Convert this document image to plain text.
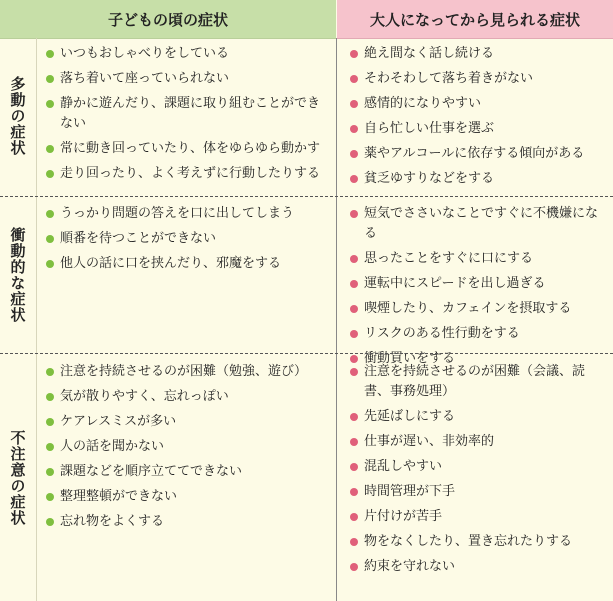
子どもの頃の症状	大人になってから見られる症状
多動の症状
いつもおしゃべりをしている
落ち着いて座っていられない
静かに遊んだり、課題に取り組むことができない
常に動き回っていたり、体をゆらゆら動かす
走り回ったり、よく考えずに行動したりする
絶え間なく話し続ける
そわそわして落ち着きがない
感情的になりやすい
自ら忙しい仕事を選ぶ
薬やアルコールに依存する傾向がある
貧乏ゆすりなどをする
衝動的な症状
うっかり問題の答えを口に出してしまう
順番を待つことができない
他人の話に口を挟んだり、邪魔をする
短気でささいなことですぐに不機嫌になる
思ったことをすぐに口にする
運転中にスピードを出し過ぎる
喫煙したり、カフェインを摂取する
リスクのある性行動をする
衝動買いをする
不注意の症状
注意を持続させるのが困難（勉強、遊び）
気が散りやすく、忘れっぽい
ケアレスミスが多い
人の話を聞かない
課題などを順序立ててできない
整理整頓ができない
忘れ物をよくする
注意を持続させるのが困難（会議、読書、事務処理）
先延ばしにする
仕事が遅い、非効率的
混乱しやすい
時間管理が下手
片付けが苦手
物をなくしたり、置き忘れたりする
約束を守れない
